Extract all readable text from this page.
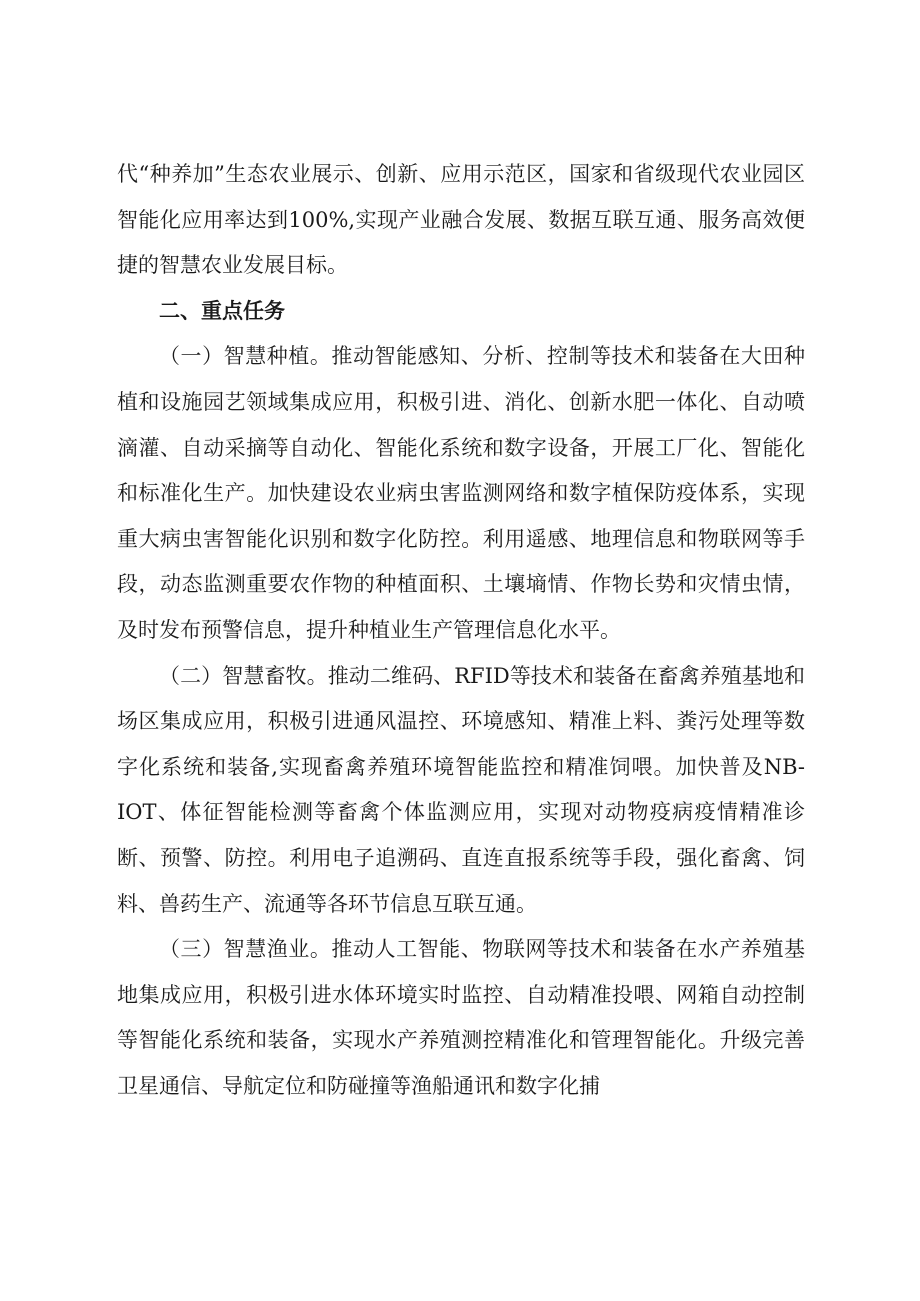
代“种养加”生态农业展示、创新、应用示范区，国家和省级现代农业园区智能化应用率达到100%,实现产业融合发展、数据互联互通、服务高效便捷的智慧农业发展目标。

二、重点任务

（一）智慧种植。推动智能感知、分析、控制等技术和装备在大田种植和设施园艺领域集成应用，积极引进、消化、创新水肥一体化、自动喷滴灌、自动采摘等自动化、智能化系统和数字设备，开展工厂化、智能化和标准化生产。加快建设农业病虫害监测网络和数字植保防疫体系，实现重大病虫害智能化识别和数字化防控。利用遥感、地理信息和物联网等手段，动态监测重要农作物的种植面积、土壤墒情、作物长势和灾情虫情，及时发布预警信息，提升种植业生产管理信息化水平。

（二）智慧畜牧。推动二维码、RFID等技术和装备在畜禽养殖基地和场区集成应用，积极引进通风温控、环境感知、精准上料、粪污处理等数字化系统和装备,实现畜禽养殖环境智能监控和精准饲喂。加快普及NB-IOT、体征智能检测等畜禽个体监测应用，实现对动物疫病疫情精准诊断、预警、防控。利用电子追溯码、直连直报系统等手段，强化畜禽、饲料、兽药生产、流通等各环节信息互联互通。

（三）智慧渔业。推动人工智能、物联网等技术和装备在水产养殖基地集成应用，积极引进水体环境实时监控、自动精准投喂、网箱自动控制等智能化系统和装备，实现水产养殖测控精准化和管理智能化。升级完善卫星通信、导航定位和防碰撞等渔船通讯和数字化捕
